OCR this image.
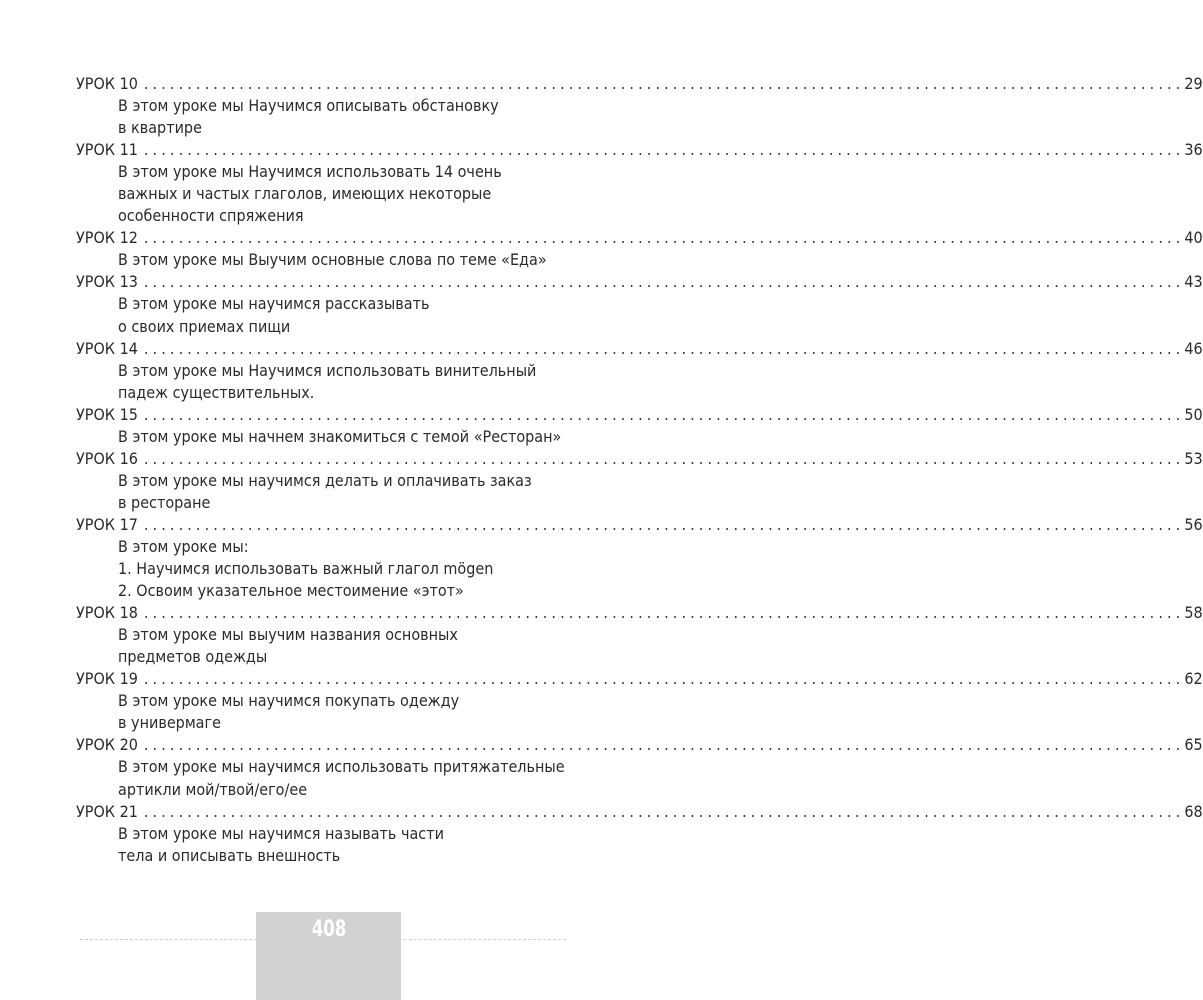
УРОК 10 ........................................................................................................................ 29
В этом уроке мы Научимся описывать обстановку
в квартире
УРОК 11 ........................................................................................................................ 36
В этом уроке мы Научимся использовать 14 очень
важных и частых глаголов, имеющих некоторые
особенности спряжения
УРОК 12 ........................................................................................................................ 40
В этом уроке мы Выучим основные слова по теме «Еда»
УРОК 13 ........................................................................................................................ 43
В этом уроке мы научимся рассказывать
о своих приемах пищи
УРОК 14 ........................................................................................................................ 46
В этом уроке мы Научимся использовать винительный
падеж существительных.
УРОК 15 ........................................................................................................................ 50
В этом уроке мы начнем знакомиться с темой «Ресторан»
УРОК 16 ........................................................................................................................ 53
В этом уроке мы научимся делать и оплачивать заказ
в ресторане
УРОК 17 ........................................................................................................................ 56
В этом уроке мы:
1. Научимся использовать важный глагол mögen
2. Освоим указательное местоимение «этот»
УРОК 18 ........................................................................................................................ 58
В этом уроке мы выучим названия основных
предметов одежды
УРОК 19 ........................................................................................................................ 62
В этом уроке мы научимся покупать одежду
в универмаге
УРОК 20 ........................................................................................................................ 65
В этом уроке мы научимся использовать притяжательные
артикли мой/твой/его/ее
УРОК 21 ........................................................................................................................ 68
В этом уроке мы научимся называть части
тела и описывать внешность
408
